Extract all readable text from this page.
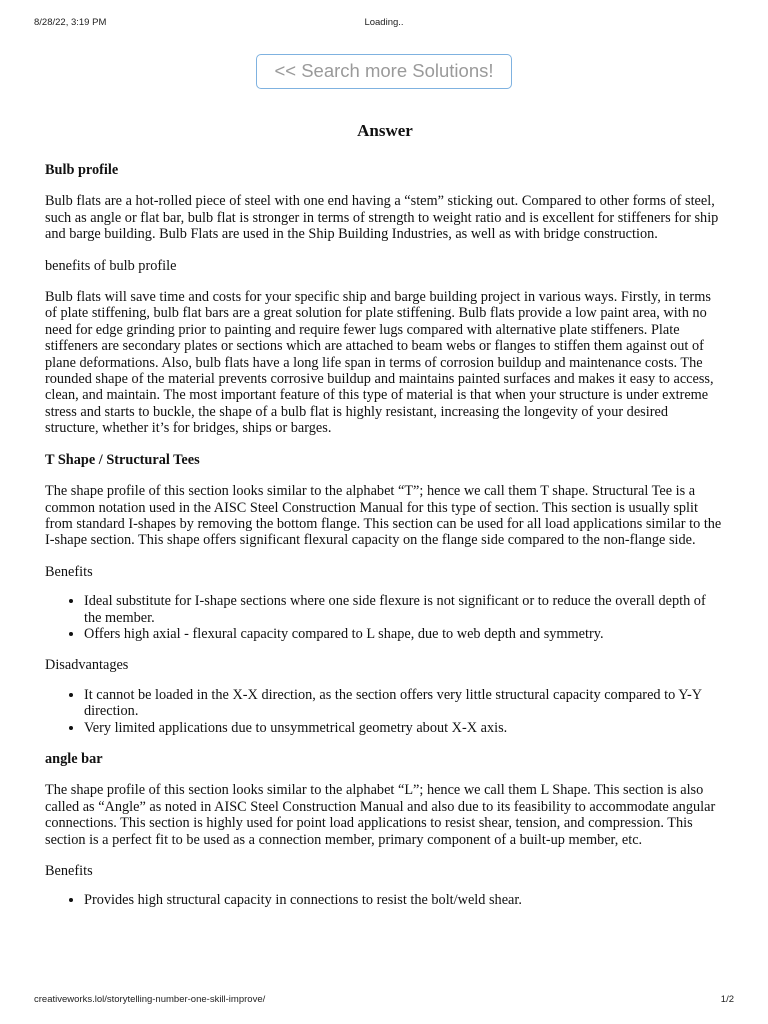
8/28/22, 3:19 PM	Loading..
<< Search more Solutions!
Answer
Bulb profile

Bulb flats are a hot-rolled piece of steel with one end having a “stem” sticking out. Compared to other forms of steel, such as angle or flat bar, bulb flat is stronger in terms of strength to weight ratio and is excellent for stiffeners for ship and barge building. Bulb Flats are used in the Ship Building Industries, as well as with bridge construction.

benefits of bulb profile

Bulb flats will save time and costs for your specific ship and barge building project in various ways. Firstly, in terms of plate stiffening, bulb flat bars are a great solution for plate stiffening. Bulb flats provide a low paint area, with no need for edge grinding prior to painting and require fewer lugs compared with alternative plate stiffeners. Plate stiffeners are secondary plates or sections which are attached to beam webs or flanges to stiffen them against out of plane deformations. Also, bulb flats have a long life span in terms of corrosion buildup and maintenance costs. The rounded shape of the material prevents corrosive buildup and maintains painted surfaces and makes it easy to access, clean, and maintain. The most important feature of this type of material is that when your structure is under extreme stress and starts to buckle, the shape of a bulb flat is highly resistant, increasing the longevity of your desired structure, whether it’s for bridges, ships or barges.

T Shape / Structural Tees

The shape profile of this section looks similar to the alphabet “T”; hence we call them T shape. Structural Tee is a common notation used in the AISC Steel Construction Manual for this type of section. This section is usually split from standard I-shapes by removing the bottom flange. This section can be used for all load applications similar to the I-shape section. This shape offers significant flexural capacity on the flange side compared to the non-flange side.

Benefits

• Ideal substitute for I-shape sections where one side flexure is not significant or to reduce the overall depth of the member.
• Offers high axial - flexural capacity compared to L shape, due to web depth and symmetry.

Disadvantages

• It cannot be loaded in the X-X direction, as the section offers very little structural capacity compared to Y-Y direction.
• Very limited applications due to unsymmetrical geometry about X-X axis.
angle bar

The shape profile of this section looks similar to the alphabet “L”; hence we call them L Shape. This section is also called as “Angle” as noted in AISC Steel Construction Manual and also due to its feasibility to accommodate angular connections. This section is highly used for point load applications to resist shear, tension, and compression. This section is a perfect fit to be used as a connection member, primary component of a built-up member, etc.

Benefits

• Provides high structural capacity in connections to resist the bolt/weld shear.
creativeworks.lol/storytelling-number-one-skill-improve/	1/2
